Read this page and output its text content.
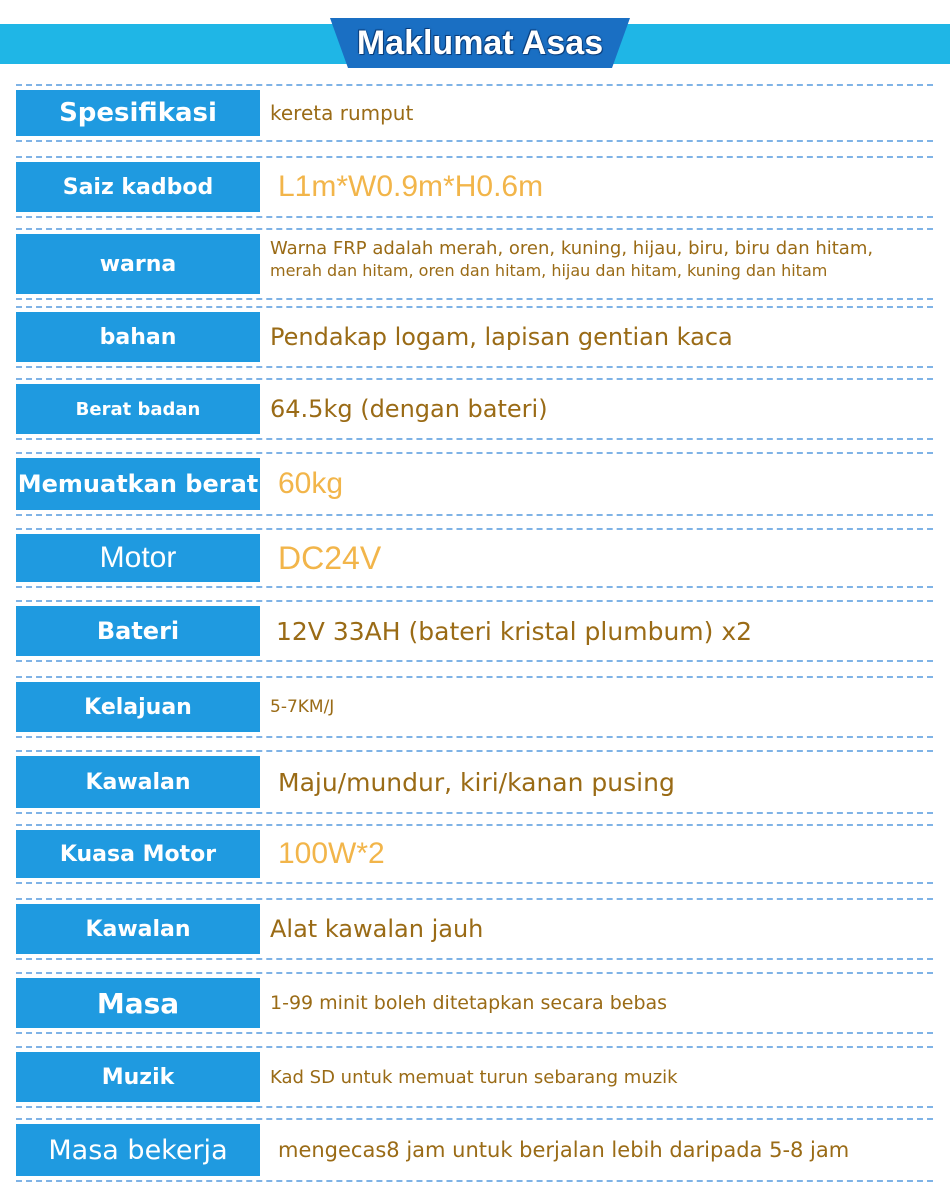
Maklumat Asas
Spesifikasi	kereta rumput
Saiz kadbod	L1m*W0.9m*H0.6m
warna
Warna FRP adalah merah, oren, kuning, hijau, biru, biru dan hitam,
merah dan hitam, oren dan hitam, hijau dan hitam, kuning dan hitam
bahan	Pendakap logam, lapisan gentian kaca
Berat badan	64.5kg (dengan bateri)
Memuatkan berat 60kg
Motor	DC24V
Bateri	12V 33AH (bateri kristal plumbum) x2
Kelajuan	5-7KM/J
Kawalan	Maju/mundur, kiri/kanan pusing
Kuasa Motor	100W*2
Kawalan	Alat kawalan jauh
Masa	1-99 minit boleh ditetapkan secara bebas
Muzik	Kad SD untuk memuat turun sebarang muzik
Masa bekerja	mengecas8 jam untuk berjalan lebih daripada 5-8 jam
